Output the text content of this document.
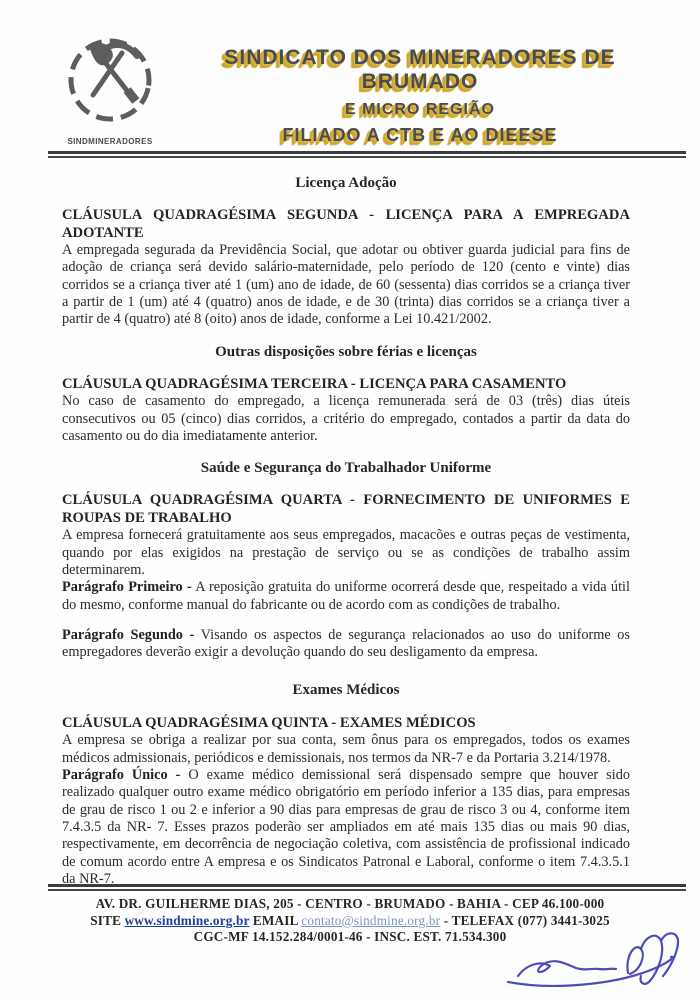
SINDMINERADORES
SINDICATO DOS MINERADORES DE BRUMADO
E MICRO REGIÃO
FILIADO A CTB E AO DIEESE
Licença Adoção
CLÁUSULA QUADRAGÉSIMA SEGUNDA - LICENÇA PARA A EMPREGADA ADOTANTE

A empregada segurada da Previdência Social, que adotar ou obtiver guarda judicial para fins de adoção de criança será devido salário-maternidade, pelo período de 120 (cento e vinte) dias corridos se a criança tiver até 1 (um) ano de idade, de 60 (sessenta) dias corridos se a criança tiver a partir de 1 (um) até 4 (quatro) anos de idade, e de 30 (trinta) dias corridos se a criança tiver a partir de 4 (quatro) até 8 (oito) anos de idade, conforme a Lei 10.421/2002.

Outras disposições sobre férias e licenças
CLÁUSULA QUADRAGÉSIMA TERCEIRA - LICENÇA PARA CASAMENTO

No caso de casamento do empregado, a licença remunerada será de 03 (três) dias úteis consecutivos ou 05 (cinco) dias corridos, a critério do empregado, contados a partir da data do casamento ou do dia imediatamente anterior.

Saúde e Segurança do Trabalhador Uniforme
CLÁUSULA QUADRAGÉSIMA QUARTA - FORNECIMENTO DE UNIFORMES E ROUPAS DE TRABALHO

A empresa fornecerá gratuitamente aos seus empregados, macacões e outras peças de vestimenta, quando por elas exigidos na prestação de serviço ou se as condições de trabalho assim determinarem.

Parágrafo Primeiro - A reposição gratuita do uniforme ocorrerá desde que, respeitado a vida útil do mesmo, conforme manual do fabricante ou de acordo com as condições de trabalho.

Parágrafo Segundo - Visando os aspectos de segurança relacionados ao uso do uniforme os empregadores deverão exigir a devolução quando do seu desligamento da empresa.

Exames Médicos
CLÁUSULA QUADRAGÉSIMA QUINTA - EXAMES MÉDICOS

A empresa se obriga a realizar por sua conta, sem ônus para os empregados, todos os exames médicos admissionais, periódicos e demissionais, nos termos da NR-7 e da Portaria 3.214/1978.

Parágrafo Único - O exame médico demissional será dispensado sempre que houver sido realizado qualquer outro exame médico obrigatório em período inferior a 135 dias, para empresas de grau de risco 1 ou 2 e inferior a 90 dias para empresas de grau de risco 3 ou 4, conforme item 7.4.3.5 da NR- 7. Esses prazos poderão ser ampliados em até mais 135 dias ou mais 90 dias, respectivamente, em decorrência de negociação coletiva, com assistência de profissional indicado de comum acordo entre A empresa e os Sindicatos Patronal e Laboral, conforme o item 7.4.3.5.1 da NR-7.

AV. DR. GUILHERME DIAS, 205 - CENTRO - BRUMADO - BAHIA - CEP 46.100-000
SITE www.sindmine.org.br EMAIL contato@sindmine.org.br - TELEFAX (077) 3441-3025
CGC-MF 14.152.284/0001-46 - INSC. EST. 71.534.300
